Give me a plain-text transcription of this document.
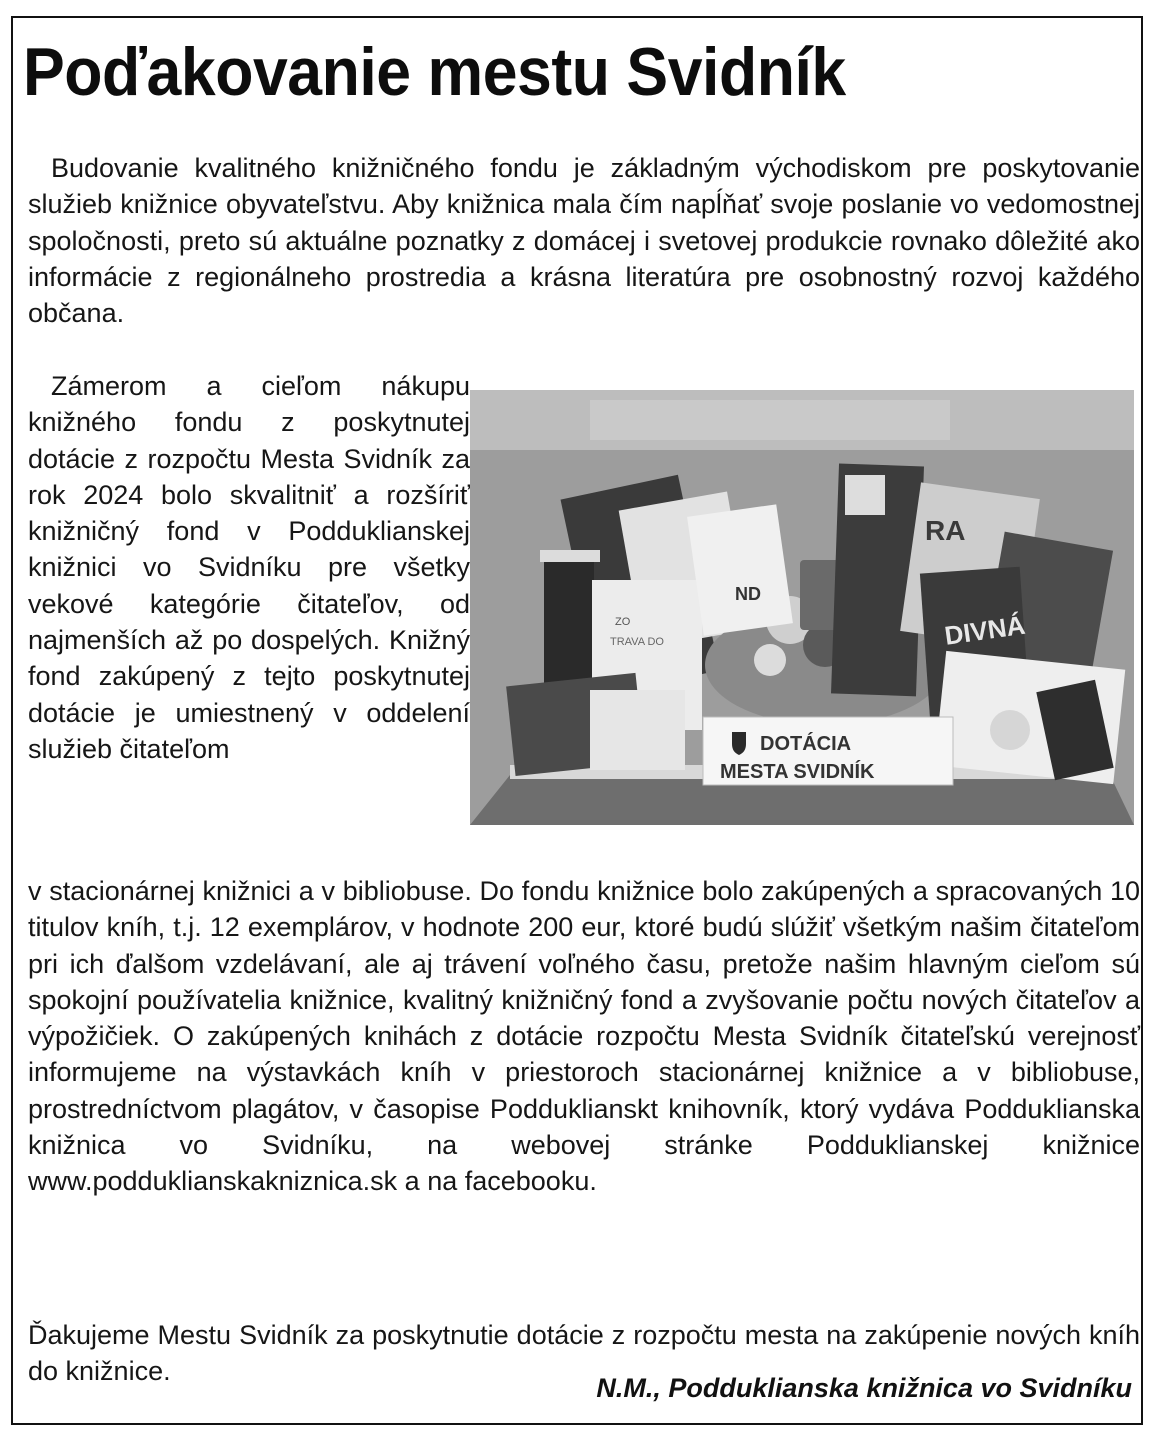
Poďakovanie mestu Svidník

Budovanie kvalitného knižničného fondu je základným východiskom pre poskytovanie služieb knižnice obyvateľstvu. Aby knižnica mala čím napĺňať svoje poslanie vo vedomostnej spoločnosti, preto sú aktuálne poznatky z domácej i svetovej produkcie rovnako dôležité ako informácie z regionálneho prostredia a krásna literatúra pre osobnostný rozvoj každého občana.

Zámerom a cieľom nákupu knižného fondu z poskytnutej dotácie z rozpočtu Mesta Svidník za rok 2024 bolo skvalitniť a rozšíriť knižničný fond v Podduklianskej knižnici vo Svidníku pre všetky vekové kategórie čitateľov, od najmenších až po dospelých. Knižný fond zakúpený z tejto poskytnutej dotácie je umiestnený v oddelení služieb čitateľom

ZO
TRAVA DO
ND
RA
DIVNÁ
DOTÁCIA
MESTA SVIDNÍK

v stacionárnej knižnici a v bibliobuse. Do fondu knižnice bolo zakúpených a spracovaných 10 titulov kníh, t.j. 12 exemplárov, v hodnote 200 eur, ktoré budú slúžiť všetkým našim čitateľom pri ich ďalšom vzdelávaní, ale aj trávení voľného času, pretože našim hlavným cieľom sú spokojní používatelia knižnice, kvalitný knižničný fond a zvyšovanie počtu nových čitateľov a výpožičiek. O zakúpených knihách z dotácie rozpočtu Mesta Svidník čitateľskú verejnosť informujeme na výstavkách kníh v priestoroch stacionárnej knižnice a v bibliobuse, prostredníctvom plagátov, v časopise Podduklianskt knihovník, ktorý vydáva Podduklianska knižnica vo Svidníku, na webovej stránke Podduklianskej knižnice www.podduklianskakniznica.sk a na facebooku.

Ďakujeme Mestu Svidník za poskytnutie dotácie z rozpočtu mesta na zakúpenie nových kníh do knižnice.

N.M., Podduklianska knižnica vo Svidníku
